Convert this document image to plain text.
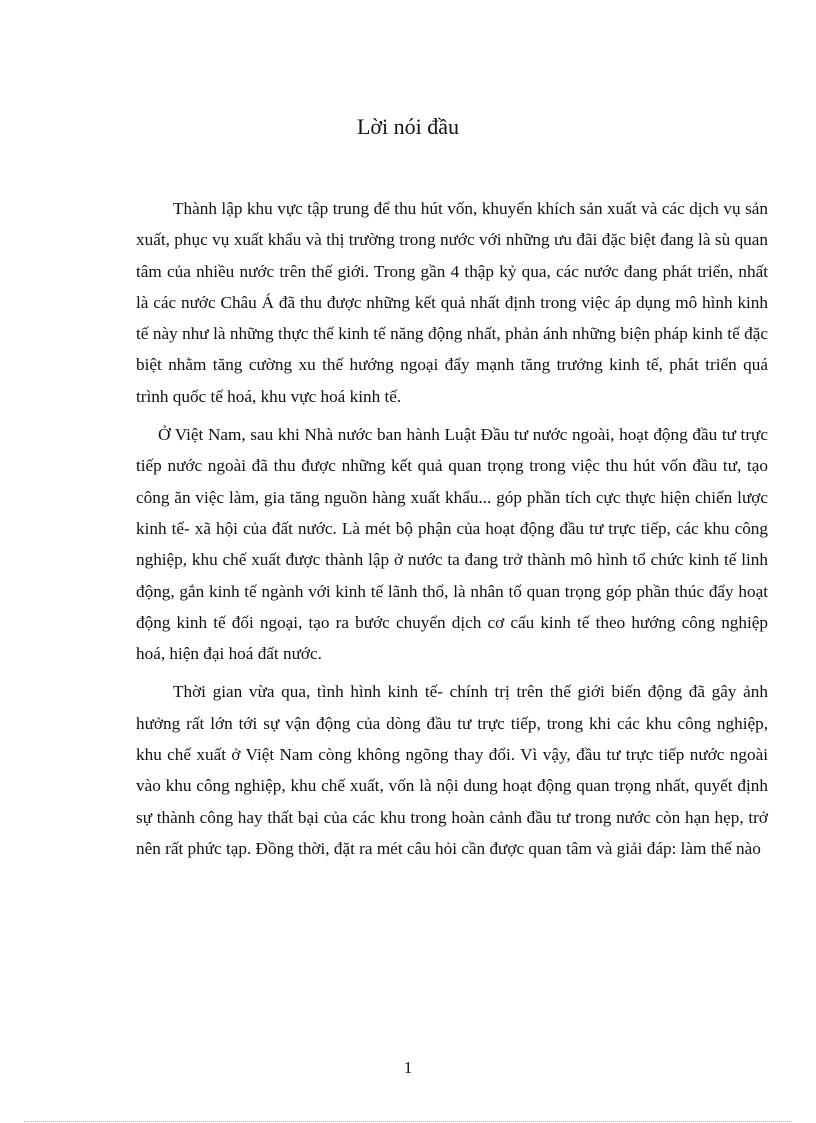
Lời nói đầu

Thành lập khu vực tập trung để thu hút vốn, khuyến khích sản xuất và các dịch vụ sản xuất, phục vụ xuất khẩu và thị trường trong nước với những ưu đãi đặc biệt đang là sù quan tâm của nhiều nước trên thế giới. Trong gần 4 thập kỷ qua, các nước đang phát triển, nhất là các nước Châu Á đã thu được những kết quả nhất định trong việc áp dụng mô hình kinh tế này như là những thực thể kinh tế năng động nhất, phản ánh những biện pháp kinh tế đặc biệt nhằm tăng cường xu thế hướng ngoại đẩy mạnh tăng trưởng kinh tế, phát triển quá trình quốc tế hoá, khu vực hoá kinh tế.

Ở Việt Nam, sau khi Nhà nước ban hành Luật Đầu tư nước ngoài, hoạt động đầu tư trực tiếp nước ngoài đã thu được những kết quả quan trọng trong việc thu hút vốn đầu tư, tạo công ăn việc làm, gia tăng nguồn hàng xuất khẩu... góp phần tích cực thực hiện chiến lược kinh tế- xã hội của đất nước. Là mét bộ phận của hoạt động đầu tư trực tiếp, các khu công nghiệp, khu chế xuất được thành lập ở nước ta đang trở thành mô hình tổ chức kinh tế linh động, gắn kinh tế ngành với kinh tế lãnh thổ, là nhân tố quan trọng góp phần thúc đẩy hoạt động kinh tế đối ngoại, tạo ra bước chuyển dịch cơ cấu kinh tế theo hướng công nghiệp hoá, hiện đại hoá đất nước.

Thời gian vừa qua, tình hình kinh tế- chính trị trên thế giới biến động đã gây ảnh hưởng rất lớn tới sự vận động của dòng đầu tư trực tiếp, trong khi các khu công nghiệp, khu chế xuất ở Việt Nam còng không ngõng thay đổi. Vì vậy, đầu tư trực tiếp nước ngoài vào khu công nghiệp, khu chế xuất, vốn là nội dung hoạt động quan trọng nhất, quyết định sự thành công hay thất bại của các khu trong hoàn cảnh đầu tư trong nước còn hạn hẹp, trở nên rất phức tạp. Đồng thời, đặt ra mét câu hỏi cần được quan tâm và giải đáp: làm thế nào

1
